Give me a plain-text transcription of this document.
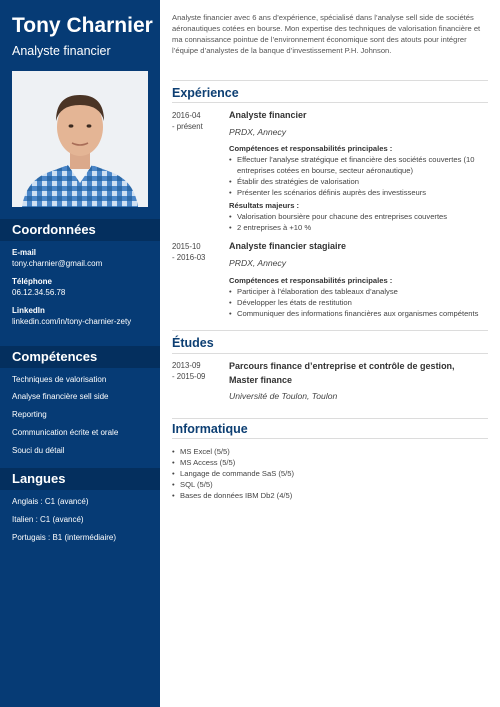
Tony Charnier
Analyste financier
Coordonnées
E-mail
tony.charnier@gmail.com
Téléphone
06.12.34.56.78
LinkedIn
linkedin.com/in/tony-charnier-zety
Compétences
Techniques de valorisation
Analyse financière sell side
Reporting
Communication écrite et orale
Souci du détail
Langues
Anglais : C1 (avancé)
Italien : C1 (avancé)
Portugais : B1 (intermédiaire)

Analyste financier avec 6 ans d’expérience, spécialisé dans l’analyse sell side de sociétés aéronautiques cotées en bourse. Mon expertise des techniques de valorisation financière et ma connaissance pointue de l’environnement économique sont des atouts pour intégrer l’équipe d’analystes de la banque d’investissement P.H. Johnson.

Expérience
2016-04
- présent
Analyste financier
PRDX, Annecy
Compétences et responsabilités principales :
• Effectuer l’analyse stratégique et financière des sociétés couvertes (10 entreprises cotées en bourse, secteur aéronautique)
• Établir des stratégies de valorisation
• Présenter les scénarios définis auprès des investisseurs
Résultats majeurs :
• Valorisation boursière pour chacune des entreprises couvertes
• 2 entreprises à +10 %
2015-10
- 2016-03
Analyste financier stagiaire
PRDX, Annecy
Compétences et responsabilités principales :
• Participer à l’élaboration des tableaux d’analyse
• Développer les états de restitution
• Communiquer des informations financières aux organismes compétents
Études
2013-09
- 2015-09
Parcours finance d’entreprise et contrôle de gestion,
Master finance
Université de Toulon, Toulon
Informatique
• MS Excel (5/5)
• MS Access (5/5)
• Langage de commande SaS (5/5)
• SQL (5/5)
• Bases de données IBM Db2 (4/5)
